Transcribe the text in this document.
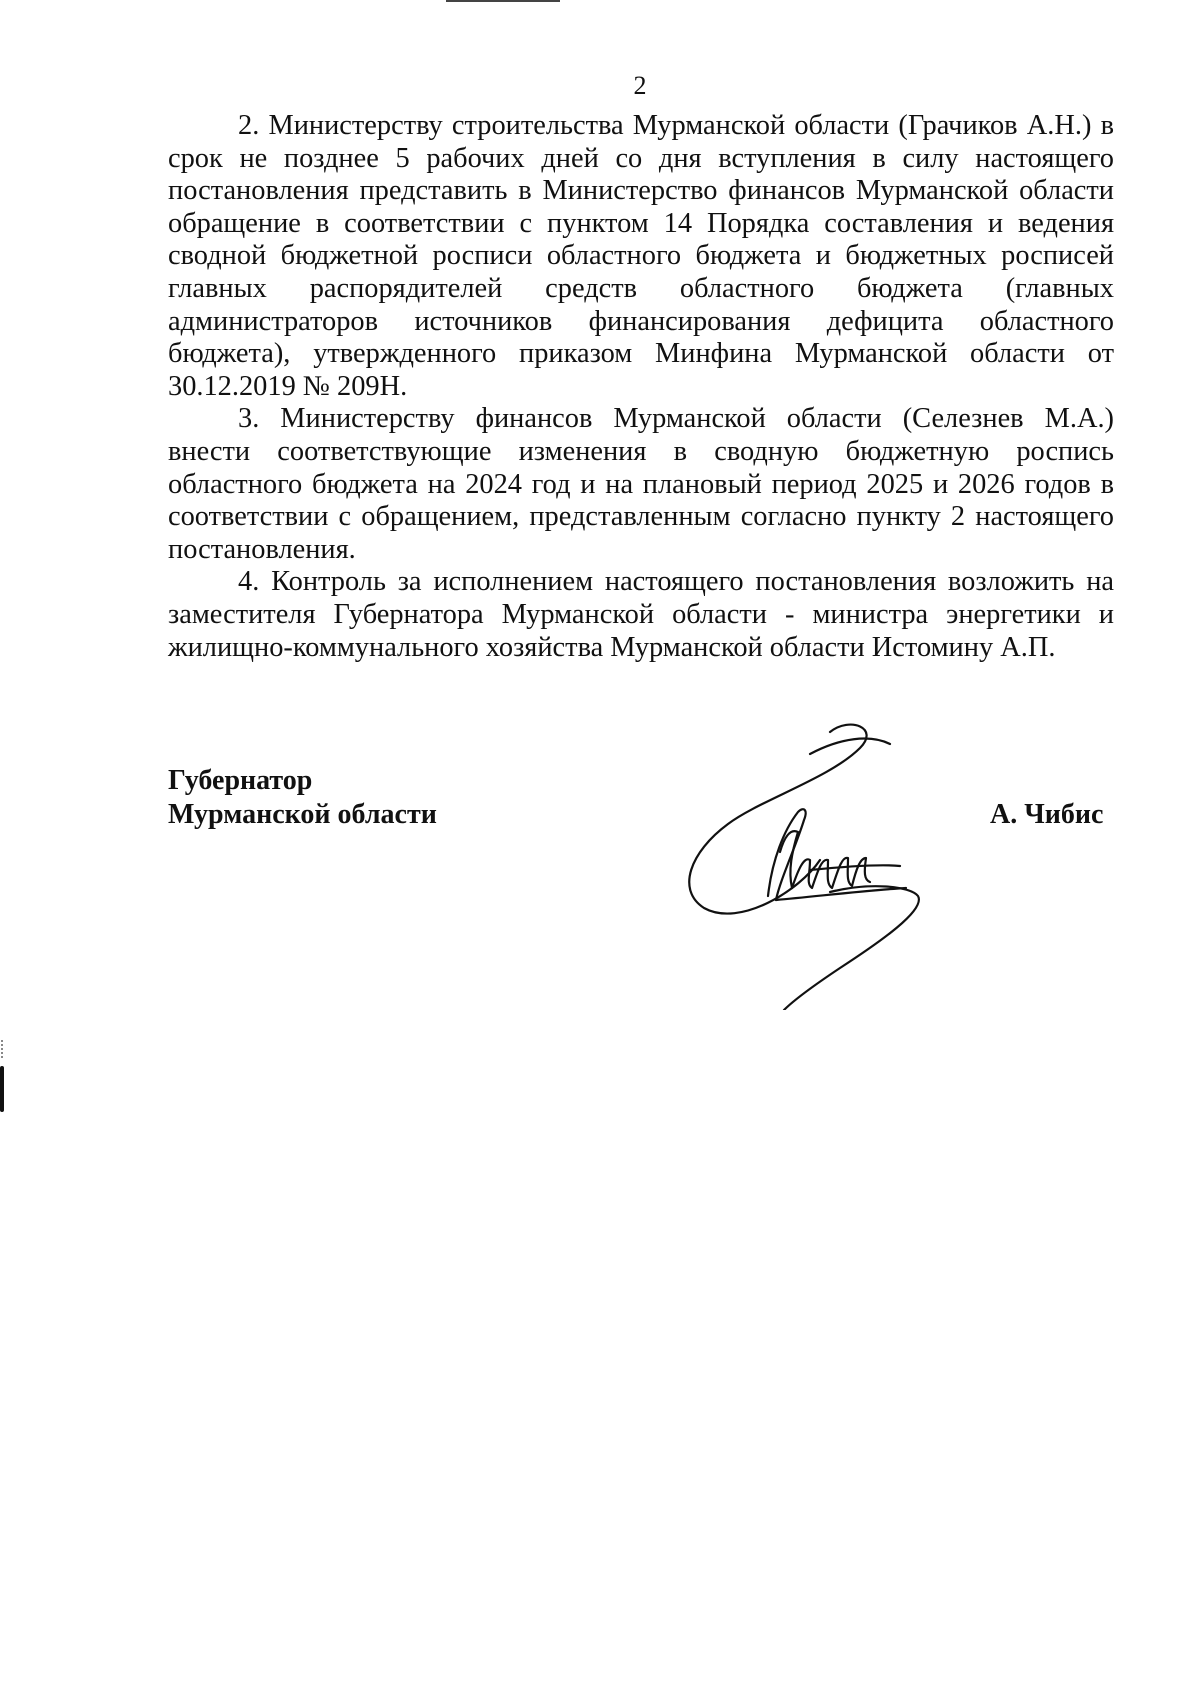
2

2. Министерству строительства Мурманской области (Грачиков А.Н.) в срок не позднее 5 рабочих дней со дня вступления в силу настоящего постановления представить в Министерство финансов Мурманской области обращение в соответствии с пунктом 14 Порядка составления и ведения сводной бюджетной росписи областного бюджета и бюджетных росписей главных распорядителей средств областного бюджета (главных администраторов источников финансирования дефицита областного бюджета), утвержденного приказом Минфина Мурманской области от 30.12.2019 № 209Н.

3. Министерству финансов Мурманской области (Селезнев М.А.) внести соответствующие изменения в сводную бюджетную роспись областного бюджета на 2024 год и на плановый период 2025 и 2026 годов в соответствии с обращением, представленным согласно пункту 2 настоящего постановления.

4. Контроль за исполнением настоящего постановления возложить на заместителя Губернатора Мурманской области - министра энергетики и жилищно-коммунального хозяйства Мурманской области Истомину А.П.

Губернатор
Мурманской области	А. Чибис
